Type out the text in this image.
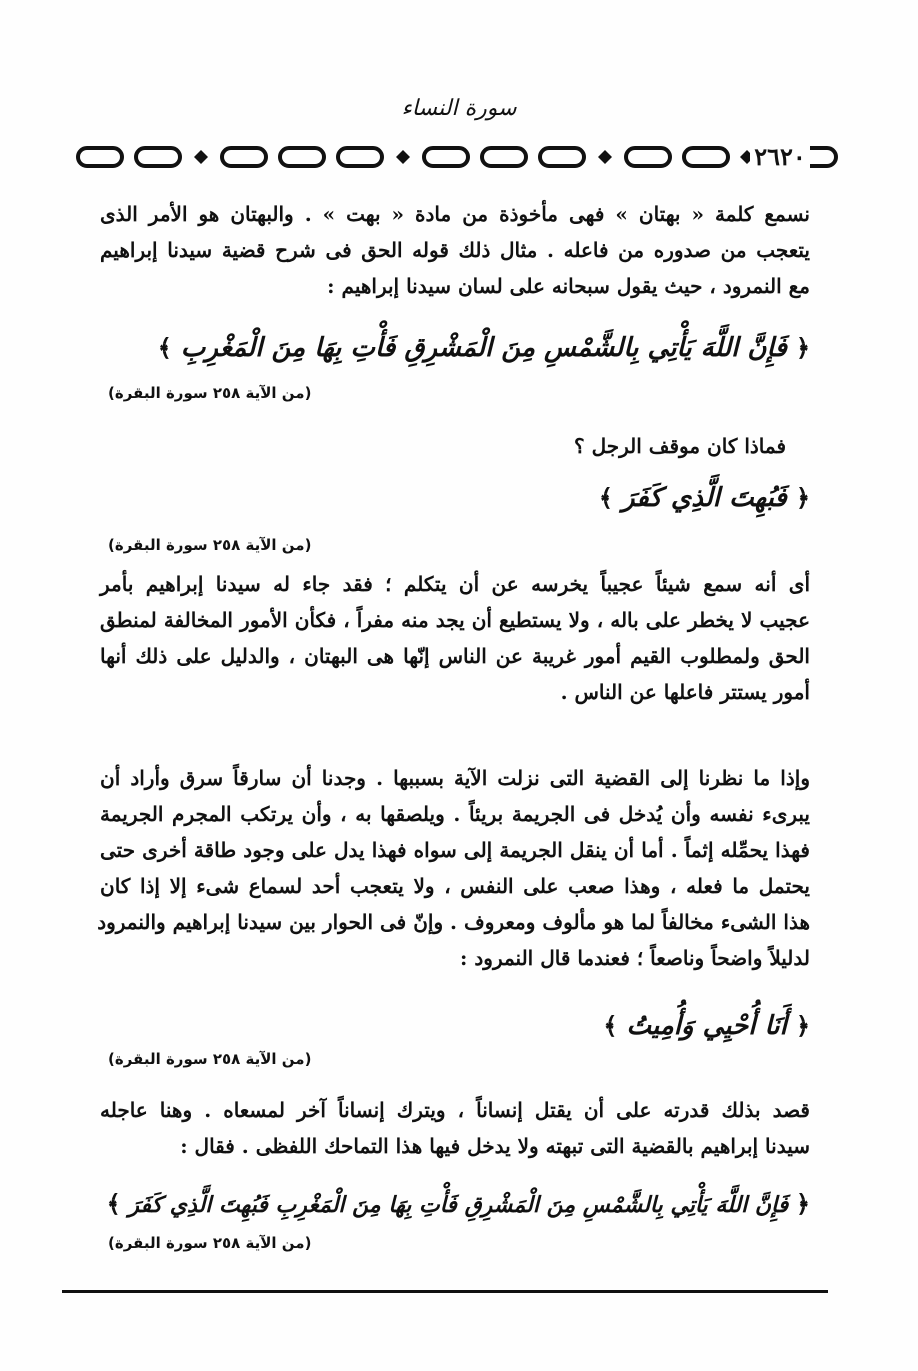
سورة النساء
٢٦٢٠
نسمع كلمة « بهتان » فهى مأخوذة من مادة « بهت » . والبهتان هو الأمر الذى
يتعجب من صدوره من فاعله . مثال ذلك قوله الحق فى شرح قضية سيدنا إبراهيم
مع النمرود ، حيث يقول سبحانه على لسان سيدنا إبراهيم :
﴿ فَإِنَّ اللَّهَ يَأْتِي بِالشَّمْسِ مِنَ الْمَشْرِقِ فَأْتِ بِهَا مِنَ الْمَغْرِبِ ﴾
(من الآية ٢٥٨ سورة البقرة)
فماذا كان موقف الرجل ؟
﴿ فَبُهِتَ الَّذِي كَفَرَ ﴾
(من الآية ٢٥٨ سورة البقرة)
أى أنه سمع شيئاً عجيباً يخرسه عن أن يتكلم ؛ فقد جاء له سيدنا إبراهيم بأمر
عجيب لا يخطر على باله ، ولا يستطيع أن يجد منه مفراً ، فكأن الأمور المخالفة لمنطق
الحق ولمطلوب القيم أمور غريبة عن الناس إنّها هى البهتان ، والدليل على ذلك أنها
أمور يستتر فاعلها عن الناس .
وإذا ما نظرنا إلى القضية التى نزلت الآية بسببها . وجدنا أن سارقاً سرق وأراد أن
يبرىء نفسه وأن يُدخل فى الجريمة بريئاً . ويلصقها به ، وأن يرتكب المجرم الجريمة
فهذا يحمِّله إثماً . أما أن ينقل الجريمة إلى سواه فهذا يدل على وجود طاقة أخرى حتى
يحتمل ما فعله ، وهذا صعب على النفس ، ولا يتعجب أحد لسماع شىء إلا إذا كان
هذا الشىء مخالفاً لما هو مألوف ومعروف . وإنّ فى الحوار بين سيدنا إبراهيم والنمرود
لدليلاً واضحاً وناصعاً ؛ فعندما قال النمرود :
﴿ أَنَا أُحْيِي وَأُمِيتُ ﴾
(من الآية ٢٥٨ سورة البقرة)
قصد بذلك قدرته على أن يقتل إنساناً ، ويترك إنساناً آخر لمسعاه . وهنا عاجله
سيدنا إبراهيم بالقضية التى تبهته ولا يدخل فيها هذا التماحك اللفظى . فقال :
﴿ فَإِنَّ اللَّهَ يَأْتِي بِالشَّمْسِ مِنَ الْمَشْرِقِ فَأْتِ بِهَا مِنَ الْمَغْرِبِ فَبُهِتَ الَّذِي كَفَرَ ﴾
(من الآية ٢٥٨ سورة البقرة)
